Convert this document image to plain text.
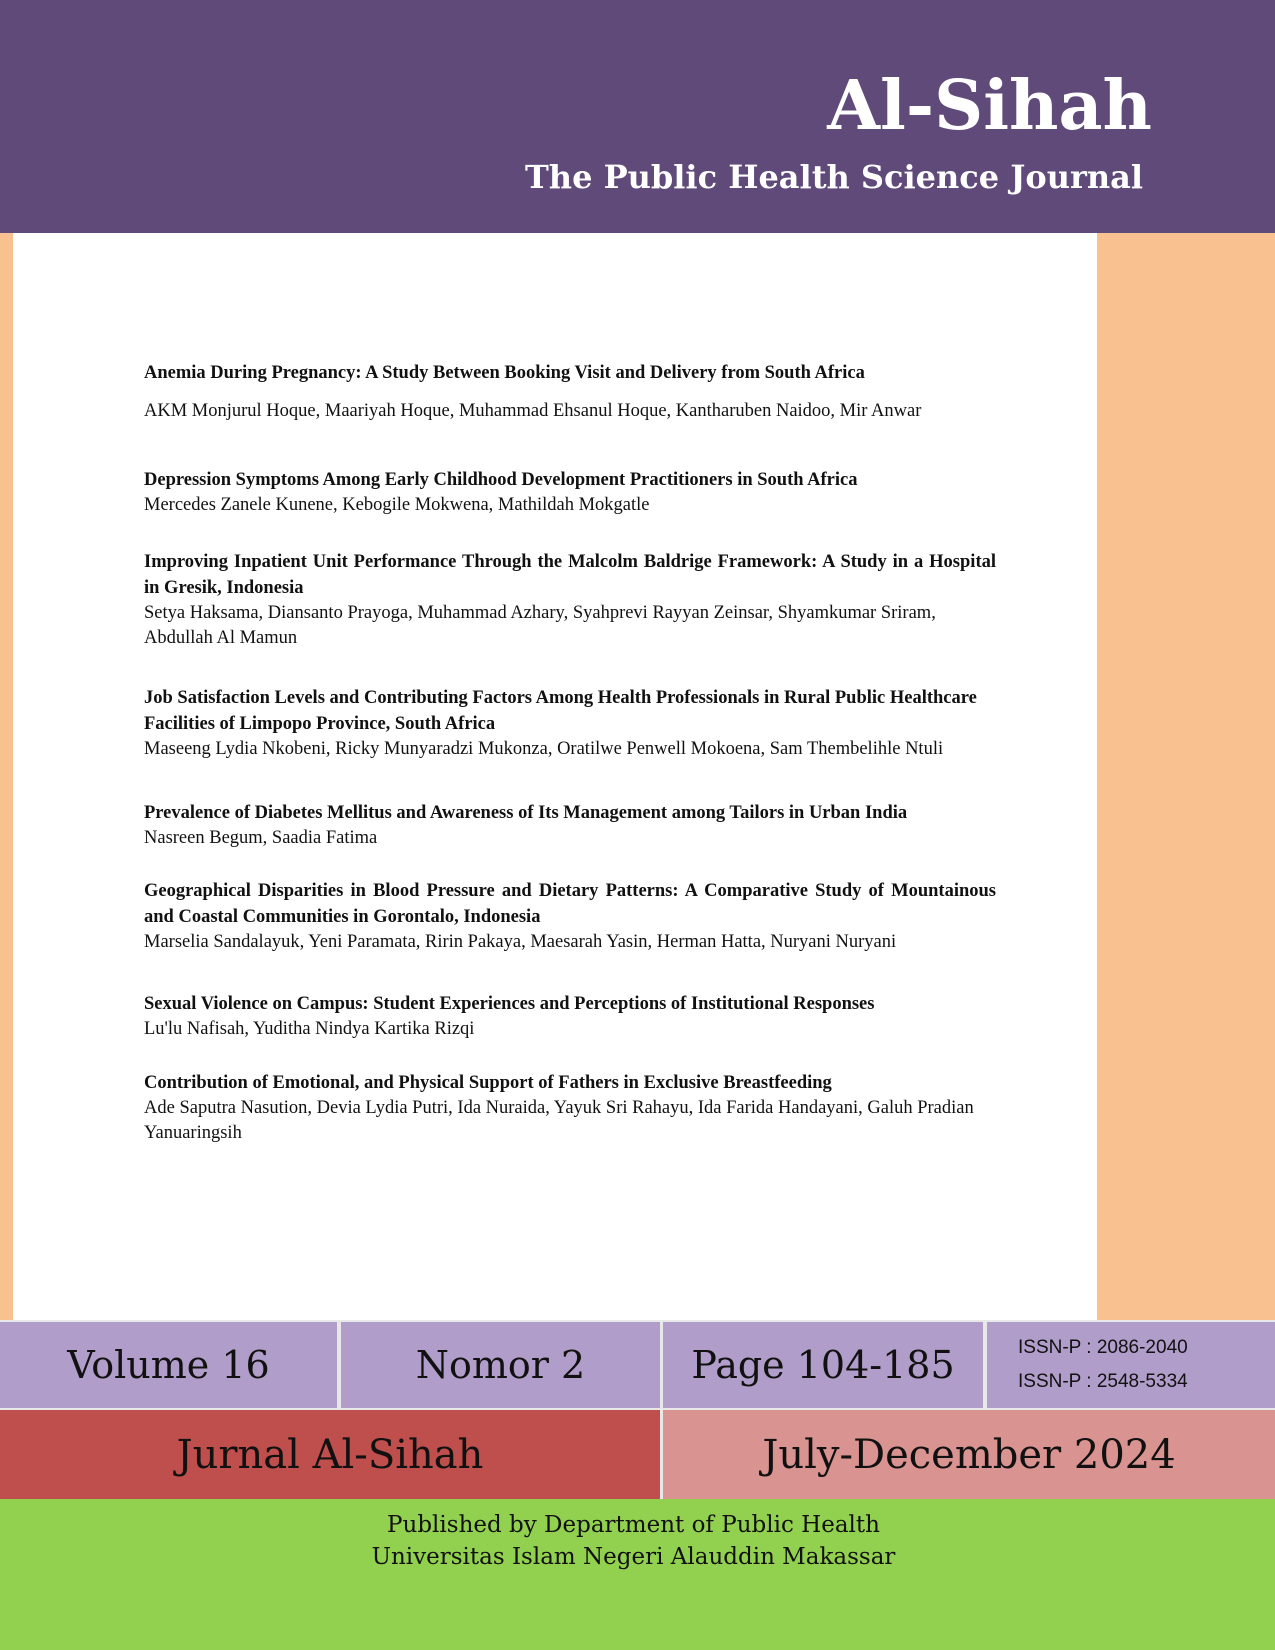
Al-Sihah
The Public Health Science Journal
Anemia During Pregnancy: A Study Between Booking Visit and Delivery from South Africa
AKM Monjurul Hoque, Maariyah Hoque, Muhammad Ehsanul Hoque, Kantharuben Naidoo, Mir Anwar
Depression Symptoms Among Early Childhood Development Practitioners in South Africa
Mercedes Zanele Kunene, Kebogile Mokwena, Mathildah Mokgatle
Improving Inpatient Unit Performance Through the Malcolm Baldrige Framework: A Study in a Hospital in Gresik, Indonesia
Setya Haksama, Diansanto Prayoga, Muhammad Azhary, Syahprevi Rayyan Zeinsar, Shyamkumar Sriram, Abdullah Al Mamun
Job Satisfaction Levels and Contributing Factors Among Health Professionals in Rural Public Healthcare Facilities of Limpopo Province, South Africa
Maseeng Lydia Nkobeni, Ricky Munyaradzi Mukonza, Oratilwe Penwell Mokoena, Sam Thembelihle Ntuli
Prevalence of Diabetes Mellitus and Awareness of Its Management among Tailors in Urban India
Nasreen Begum, Saadia Fatima
Geographical Disparities in Blood Pressure and Dietary Patterns: A Comparative Study of Mountainous and Coastal Communities in Gorontalo, Indonesia
Marselia Sandalayuk, Yeni Paramata, Ririn Pakaya, Maesarah Yasin, Herman Hatta, Nuryani Nuryani
Sexual Violence on Campus: Student Experiences and Perceptions of Institutional Responses
Lu'lu Nafisah, Yuditha Nindya Kartika Rizqi
Contribution of Emotional, and Physical Support of Fathers in Exclusive Breastfeeding
Ade Saputra Nasution, Devia Lydia Putri, Ida Nuraida, Yayuk Sri Rahayu, Ida Farida Handayani, Galuh Pradian Yanuaringsih
Volume 16	Nomor 2	Page 104-185	ISSN-P : 2086-2040
ISSN-P : 2548-5334
Jurnal Al-Sihah	July-December 2024
Published by Department of Public Health
Universitas Islam Negeri Alauddin Makassar
